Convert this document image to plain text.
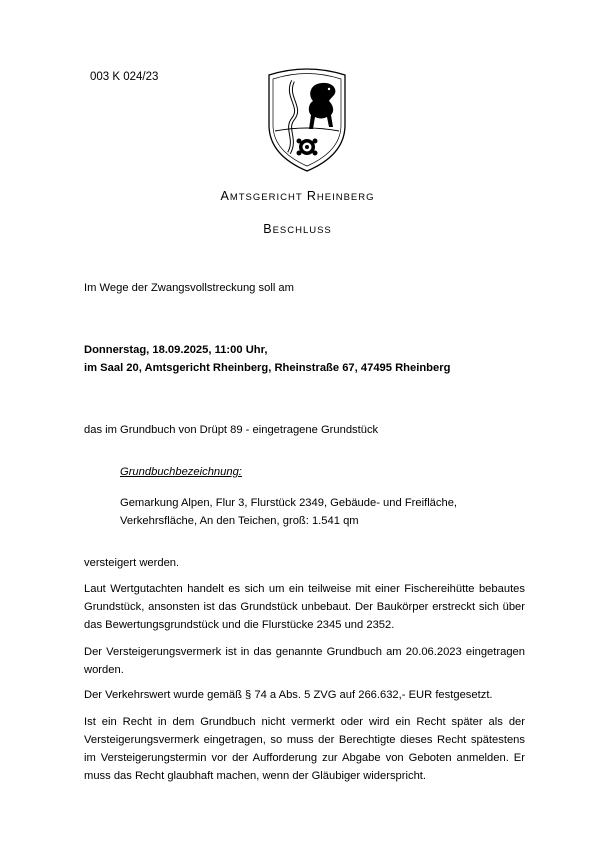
003 K 024/23
AMTSGERICHT RHEINBERG
BESCHLUSS
Im Wege der Zwangsvollstreckung soll am
Donnerstag, 18.09.2025, 11:00 Uhr,
im Saal 20, Amtsgericht Rheinberg, Rheinstraße 67, 47495 Rheinberg
das im Grundbuch von Drüpt 89 - eingetragene Grundstück
Grundbuchbezeichnung:
Gemarkung Alpen, Flur 3, Flurstück 2349, Gebäude- und Freifläche,
Verkehrsfläche, An den Teichen, groß: 1.541 qm
versteigert werden.
Laut Wertgutachten handelt es sich um ein teilweise mit einer Fischereihütte bebautes Grundstück, ansonsten ist das Grundstück unbebaut. Der Baukörper erstreckt sich über das Bewertungsgrundstück und die Flurstücke 2345 und 2352.
Der Versteigerungsvermerk ist in das genannte Grundbuch am 20.06.2023 eingetragen worden.
Der Verkehrswert wurde gemäß § 74 a Abs. 5 ZVG auf 266.632,- EUR festgesetzt.
Ist ein Recht in dem Grundbuch nicht vermerkt oder wird ein Recht später als der Versteigerungsvermerk eingetragen, so muss der Berechtigte dieses Recht spätestens im Versteigerungstermin vor der Aufforderung zur Abgabe von Geboten anmelden. Er muss das Recht glaubhaft machen, wenn der Gläubiger widerspricht.
